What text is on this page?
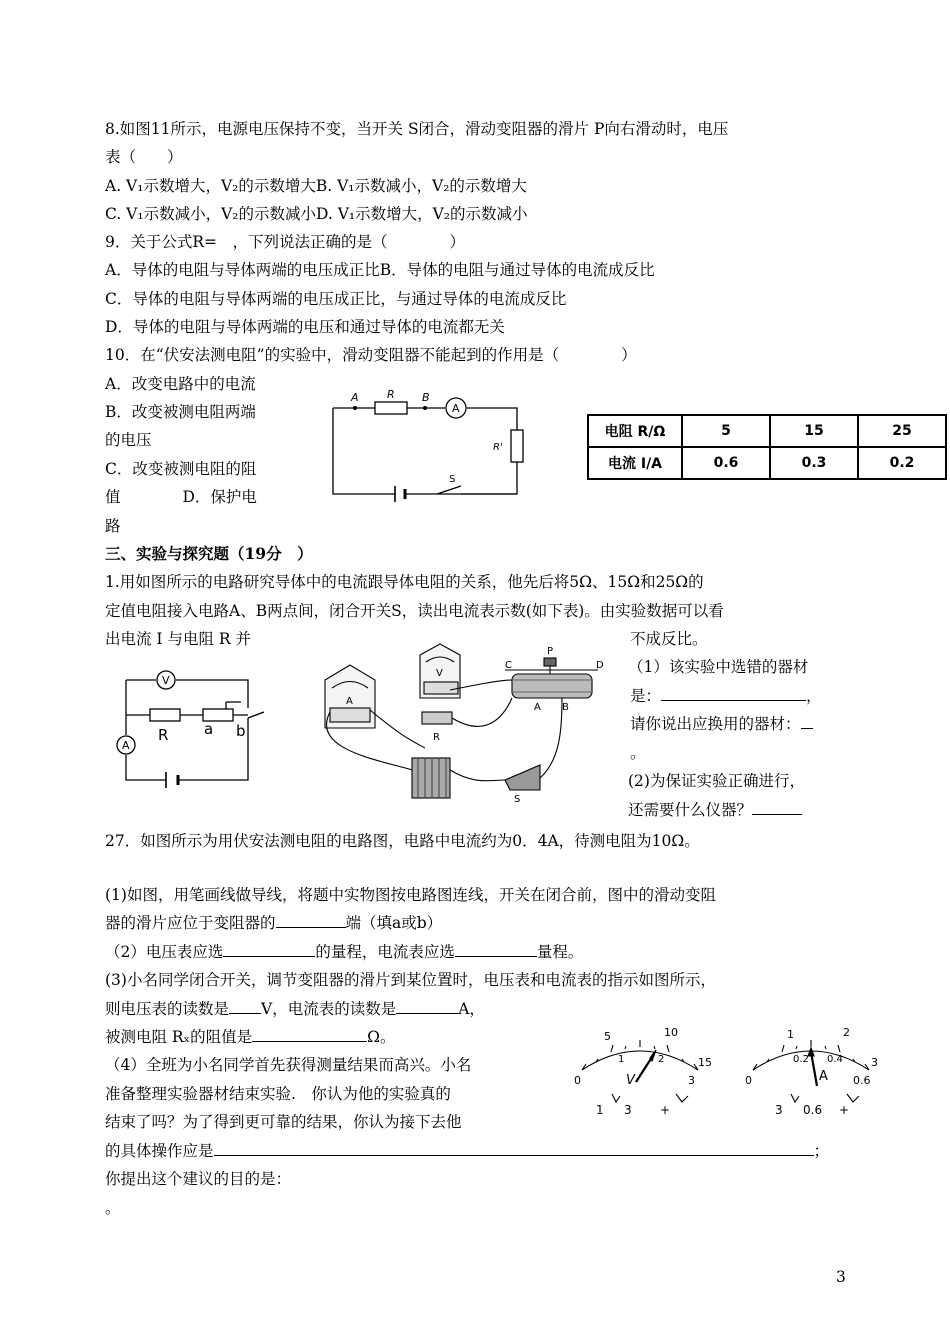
8.如图11所示，电源电压保持不变，当开关 S闭合，滑动变阻器的滑片 P向右滑动时，电压
表（　　）
A. V₁示数增大，V₂的示数增大B. V₁示数减小，V₂的示数增大
C. V₁示数减小，V₂的示数减小D. V₁示数增大，V₂的示数减小
9．关于公式R=　，下列说法正确的是（　　　　）
A．导体的电阻与导体两端的电压成正比B．导体的电阻与通过导体的电流成反比
C．导体的电阻与导体两端的电压成正比，与通过导体的电流成反比
D．导体的电阻与导体两端的电压和通过导体的电流都无关
10．在“伏安法测电阻”的实验中，滑动变阻器不能起到的作用是（　　　　）
A．改变电路中的电流
B．改变被测电阻两端
的电压
C．改变被测电阻的阻
值　　　　D．保护电
路
A	R B
A
R'
S
电阻 R/Ω	5	15	25
电流 I/A	0.6	0.3	0.2
三、实验与探究题（19分　）
1.用如图所示的电路研究导体中的电流跟导体电阻的关系，他先后将5Ω、15Ω和25Ω的
定值电阻接入电路A、B两点间，闭合开关S，读出电流表示数(如下表)。由实验数据可以看
出电流 I 与电阻 R 并	不成反比。
（1）该实验中选错的器材
是：	，
请你说出应换用的器材：
。
(2)为保证实验正确进行，
还需要什么仪器？
V
A
R a b
A
V
R
C
P
D
A B
S
27．如图所示为用伏安法测电阻的电路图，电路中电流约为0．4A，待测电阻为10Ω。
(1)如图，用笔画线做导线，将题中实物图按电路图连线，开关在闭合前，图中的滑动变阻
器的滑片应位于变阻器的	端（填a或b）
（2）电压表应选	的量程，电流表应选	量程。
(3)小名同学闭合开关，调节变阻器的滑片到某位置时，电压表和电流表的指示如图所示，
则电压表的读数是 V，电流表的读数是	A，
被测电阻 Rₓ的阻值是	Ω。
（4）全班为小名同学首先获得测量结果而高兴。小名
准备整理实验器材结束实验.　你认为他的实验真的
结束了吗？为了得到更可靠的结果，你认为接下去他
的具体操作应是	；
你提出这个建议的目的是：
。
0
5	10
15
1	2
3
V
1 3 +
0
1	2
3
0.2 0.4
0.6
A
3 0.6 +
3
